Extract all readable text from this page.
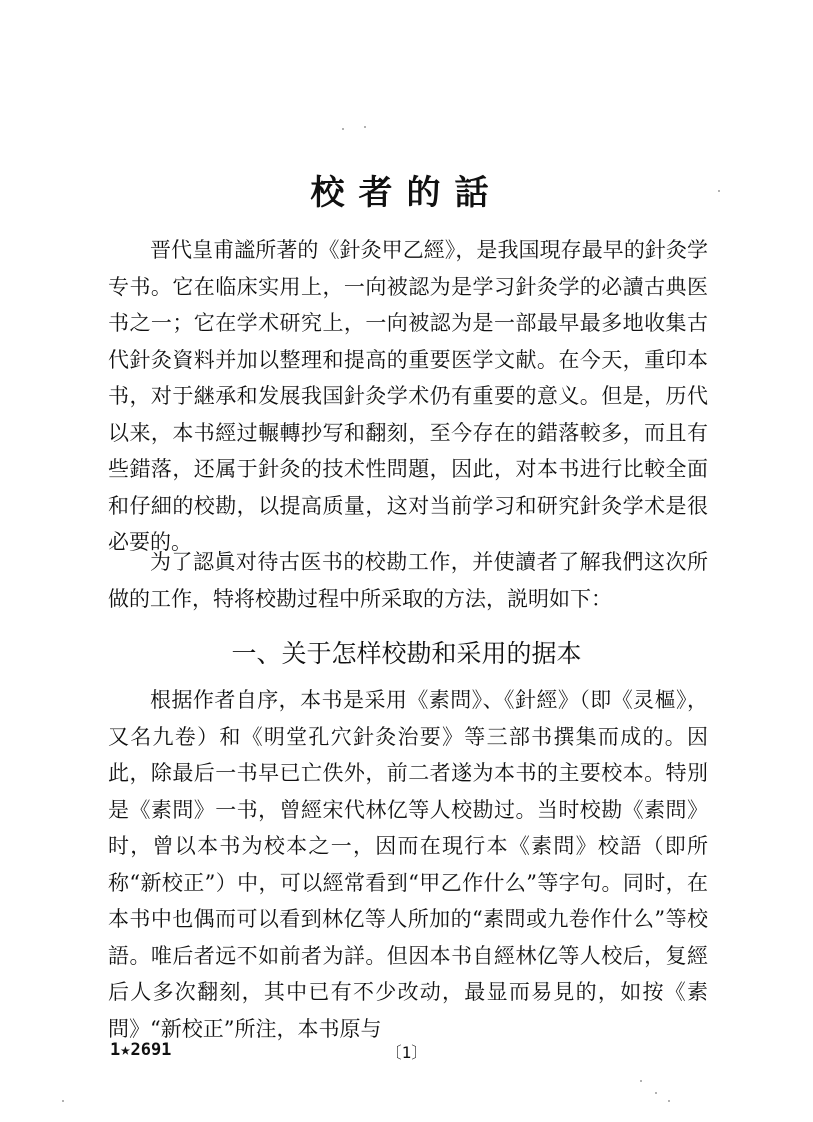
校者的話

晋代皇甫謐所著的《針灸甲乙經》，是我国現存最早的針灸学专书。它在临床实用上，一向被認为是学习針灸学的必讀古典医书之一；它在学术研究上，一向被認为是一部最早最多地收集古代針灸資料并加以整理和提高的重要医学文献。在今天，重印本书，对于継承和发展我国針灸学术仍有重要的意义。但是，历代以来，本书經过輾轉抄写和翻刻，至今存在的錯落較多，而且有些錯落，还属于針灸的技术性問題，因此，对本书进行比較全面和仔細的校勘，以提高质量，这对当前学习和研究針灸学术是很必要的。

为了認眞对待古医书的校勘工作，并使讀者了解我們这次所做的工作，特将校勘过程中所采取的方法，説明如下：

一、关于怎样校勘和采用的据本

根据作者自序，本书是采用《素問》、《針經》（即《灵樞》，又名九卷）和《明堂孔穴針灸治要》等三部书撰集而成的。因此，除最后一书早已亡佚外，前二者遂为本书的主要校本。特別是《素問》一书，曾經宋代林亿等人校勘过。当时校勘《素問》时，曾以本书为校本之一，因而在現行本《素問》校語（即所称“新校正”）中，可以經常看到“甲乙作什么”等字句。同时，在本书中也偶而可以看到林亿等人所加的“素問或九卷作什么”等校語。唯后者远不如前者为詳。但因本书自經林亿等人校后，复經后人多次翻刻，其中已有不少改动，最显而易見的，如按《素問》“新校正”所注，本书原与

1★2691	〔1〕
